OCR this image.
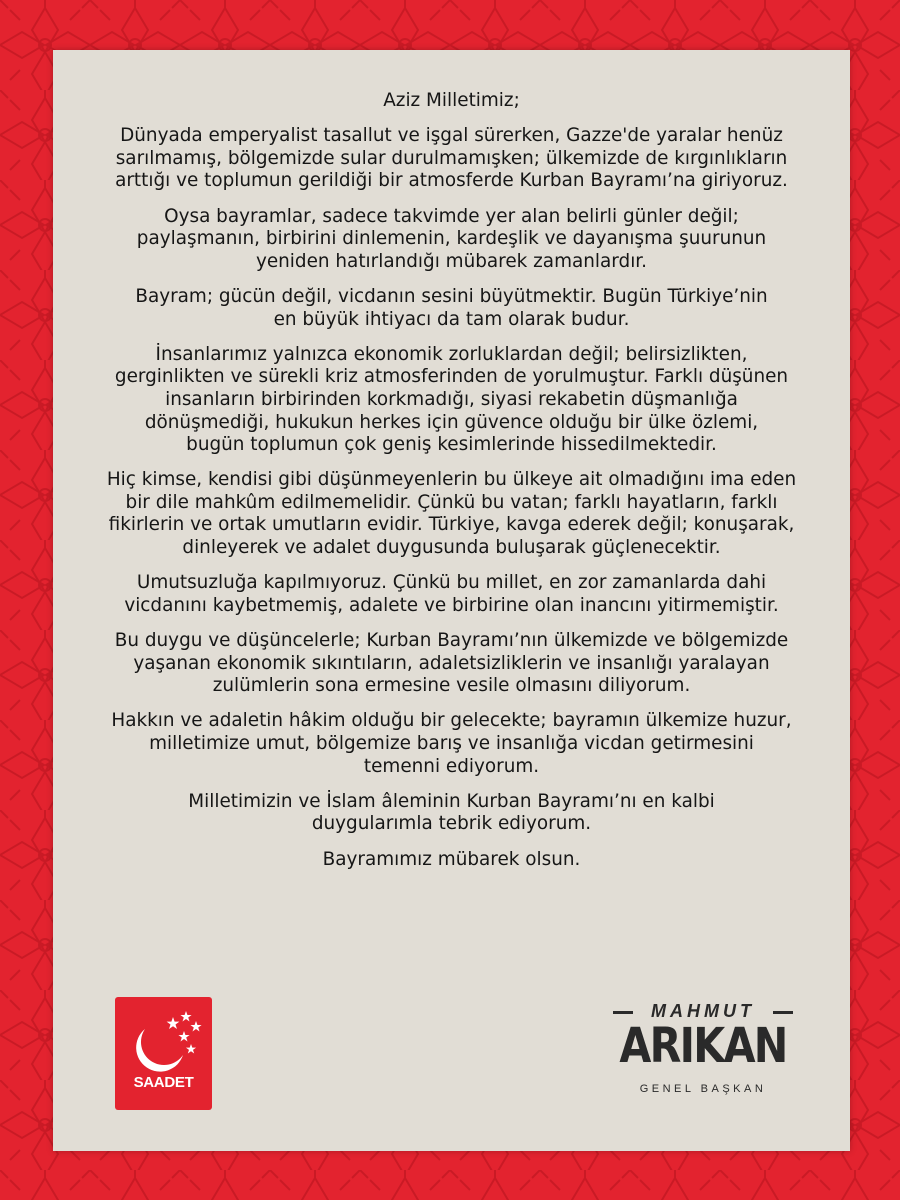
Aziz Milletimiz;

Dünyada emperyalist tasallut ve işgal sürerken, Gazze'de yaralar henüz
sarılmamış, bölgemizde sular durulmamışken; ülkemizde de kırgınlıkların
arttığı ve toplumun gerildiği bir atmosferde Kurban Bayramı’na giriyoruz.

Oysa bayramlar, sadece takvimde yer alan belirli günler değil;
paylaşmanın, birbirini dinlemenin, kardeşlik ve dayanışma şuurunun
yeniden hatırlandığı mübarek zamanlardır.

Bayram; gücün değil, vicdanın sesini büyütmektir. Bugün Türkiye’nin
en büyük ihtiyacı da tam olarak budur.

İnsanlarımız yalnızca ekonomik zorluklardan değil; belirsizlikten,
gerginlikten ve sürekli kriz atmosferinden de yorulmuştur. Farklı düşünen
insanların birbirinden korkmadığı, siyasi rekabetin düşmanlığa
dönüşmediği, hukukun herkes için güvence olduğu bir ülke özlemi,
bugün toplumun çok geniş kesimlerinde hissedilmektedir.

Hiç kimse, kendisi gibi düşünmeyenlerin bu ülkeye ait olmadığını ima eden
bir dile mahkûm edilmemelidir. Çünkü bu vatan; farklı hayatların, farklı
fikirlerin ve ortak umutların evidir. Türkiye, kavga ederek değil; konuşarak,
dinleyerek ve adalet duygusunda buluşarak güçlenecektir.

Umutsuzluğa kapılmıyoruz. Çünkü bu millet, en zor zamanlarda dahi
vicdanını kaybetmemiş, adalete ve birbirine olan inancını yitirmemiştir.

Bu duygu ve düşüncelerle; Kurban Bayramı’nın ülkemizde ve bölgemizde
yaşanan ekonomik sıkıntıların, adaletsizliklerin ve insanlığı yaralayan
zulümlerin sona ermesine vesile olmasını diliyorum.

Hakkın ve adaletin hâkim olduğu bir gelecekte; bayramın ülkemize huzur,
milletimize umut, bölgemize barış ve insanlığa vicdan getirmesini
temenni ediyorum.

Milletimizin ve İslam âleminin Kurban Bayramı’nı en kalbi
duygularımla tebrik ediyorum.

Bayramımız mübarek olsun.

SAADET
MAHMUT
ARIKAN
GENEL BAŞKAN
